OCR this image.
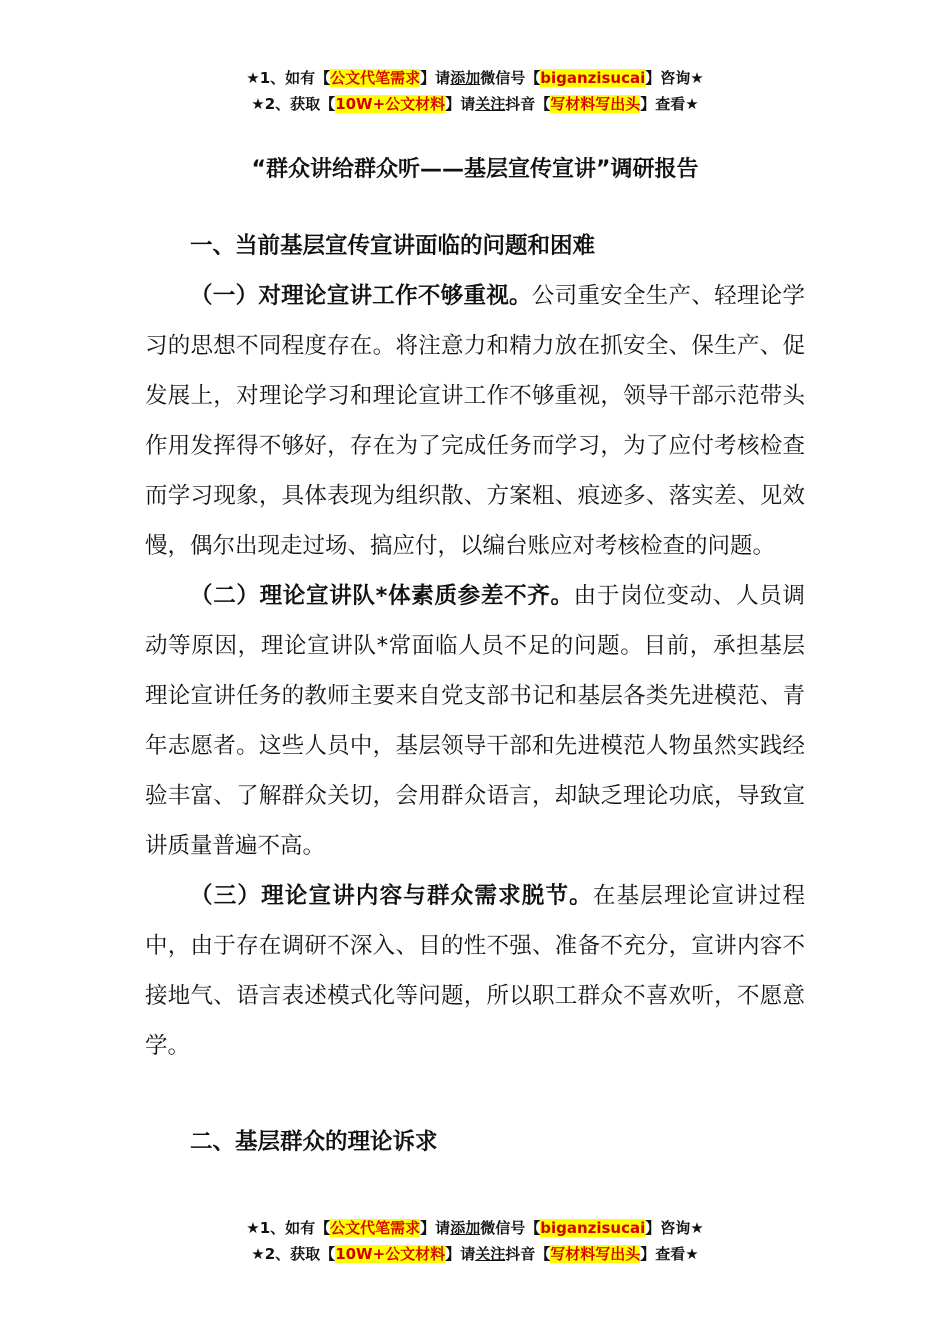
★1、如有【公文代笔需求】请添加微信号【biganzisucai】咨询★
★2、获取【10W+公文材料】请关注抖音【写材料写出头】查看★
“群众讲给群众听——基层宣传宣讲”调研报告

一、当前基层宣传宣讲面临的问题和困难

（一）对理论宣讲工作不够重视。公司重安全生产、轻理论学习的思想不同程度存在。将注意力和精力放在抓安全、保生产、促发展上，对理论学习和理论宣讲工作不够重视，领导干部示范带头作用发挥得不够好，存在为了完成任务而学习，为了应付考核检查而学习现象，具体表现为组织散、方案粗、痕迹多、落实差、见效慢，偶尔出现走过场、搞应付，以编台账应对考核检查的问题。

（二）理论宣讲队*体素质参差不齐。由于岗位变动、人员调动等原因，理论宣讲队*常面临人员不足的问题。目前，承担基层理论宣讲任务的教师主要来自党支部书记和基层各类先进模范、青年志愿者。这些人员中，基层领导干部和先进模范人物虽然实践经验丰富、了解群众关切，会用群众语言，却缺乏理论功底，导致宣讲质量普遍不高。

（三）理论宣讲内容与群众需求脱节。在基层理论宣讲过程中，由于存在调研不深入、目的性不强、准备不充分，宣讲内容不接地气、语言表述模式化等问题，所以职工群众不喜欢听，不愿意学。

二、基层群众的理论诉求

★1、如有【公文代笔需求】请添加微信号【biganzisucai】咨询★
★2、获取【10W+公文材料】请关注抖音【写材料写出头】查看★
